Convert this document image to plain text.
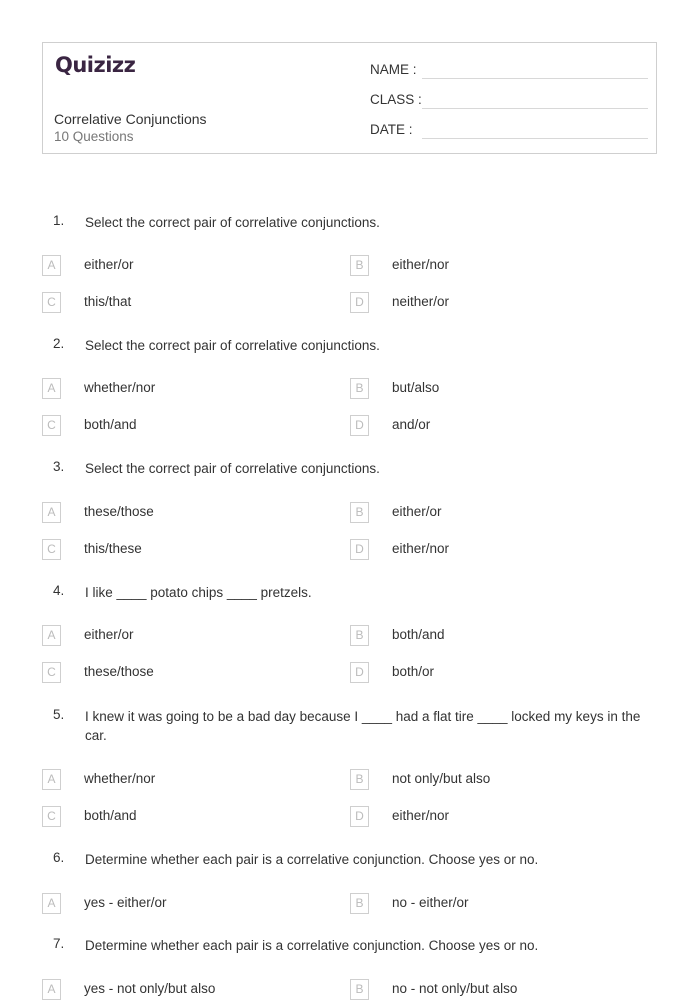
Quizizz
Correlative Conjunctions
10 Questions
NAME :
CLASS :
DATE :
1. Select the correct pair of correlative conjunctions.
A	either/or	B	either/nor
C	this/that	D	neither/or
2. Select the correct pair of correlative conjunctions.
A	whether/nor	B	but/also
C	both/and	D	and/or
3. Select the correct pair of correlative conjunctions.
A	these/those	B	either/or
C	this/these	D	either/nor
4. I like ____ potato chips ____ pretzels.
A	either/or	B	both/and
C	these/those	D	both/or
5. I knew it was going to be a bad day because I ____ had a flat tire ____ locked my keys in the car.
A	whether/nor	B	not only/but also
C	both/and	D	either/nor
6. Determine whether each pair is a correlative conjunction. Choose yes or no.
A	yes - either/or	B	no - either/or
7. Determine whether each pair is a correlative conjunction. Choose yes or no.
A	yes - not only/but also	B	no - not only/but also
